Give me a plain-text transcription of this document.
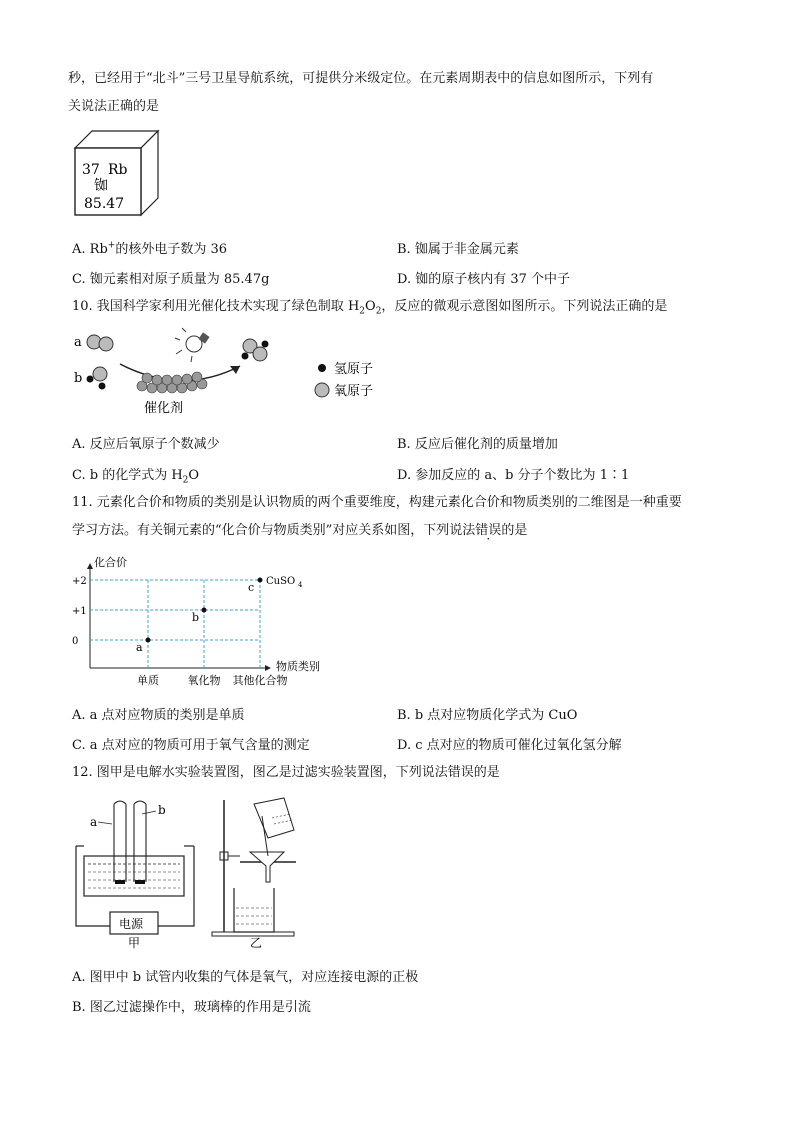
秒，已经用于“北斗”三号卫星导航系统，可提供分米级定位。在元素周期表中的信息如图所示，下列有
关说法正确的是
37 Rb
铷
85.47
A. Rb+的核外电子数为 36	B. 铷属于非金属元素
C. 铷元素相对原子质量为 85.47g	D. 铷的原子核内有 37 个中子
10. 我国科学家利用光催化技术实现了绿色制取 $H_2O_2$，反应的微观示意图如图所示。下列说法正确的是
a
b
催化剂
氢原子
氧原子
A. 反应后氧原子个数减少	B. 反应后催化剂的质量增加
C. b 的化学式为 $H_2O$	D. 参加反应的 a、b 分子个数比为 1∶1
11. 元素化合价和物质的类别是认识物质的两个重要维度，构建元素化合价和物质类别的二维图是一种重要
学习方法。有关铜元素的“化合价与物质类别”对应关系如图，下列说法错误的是
化合价
物质类别
+2
+1
0
单质	氧化物 其他化合物
a
b
c CuSO 4
A. a 点对应物质的类别是单质	B. b 点对应物质化学式为 CuO
C. a 点对应的物质可用于氧气含量的测定	D. c 点对应的物质可催化过氧化氢分解
12. 图甲是电解水实验装置图，图乙是过滤实验装置图，下列说法错误的是
a
b
电源
甲	乙
A. 图甲中 b 试管内收集的气体是氧气，对应连接电源的正极
B. 图乙过滤操作中，玻璃棒的作用是引流
